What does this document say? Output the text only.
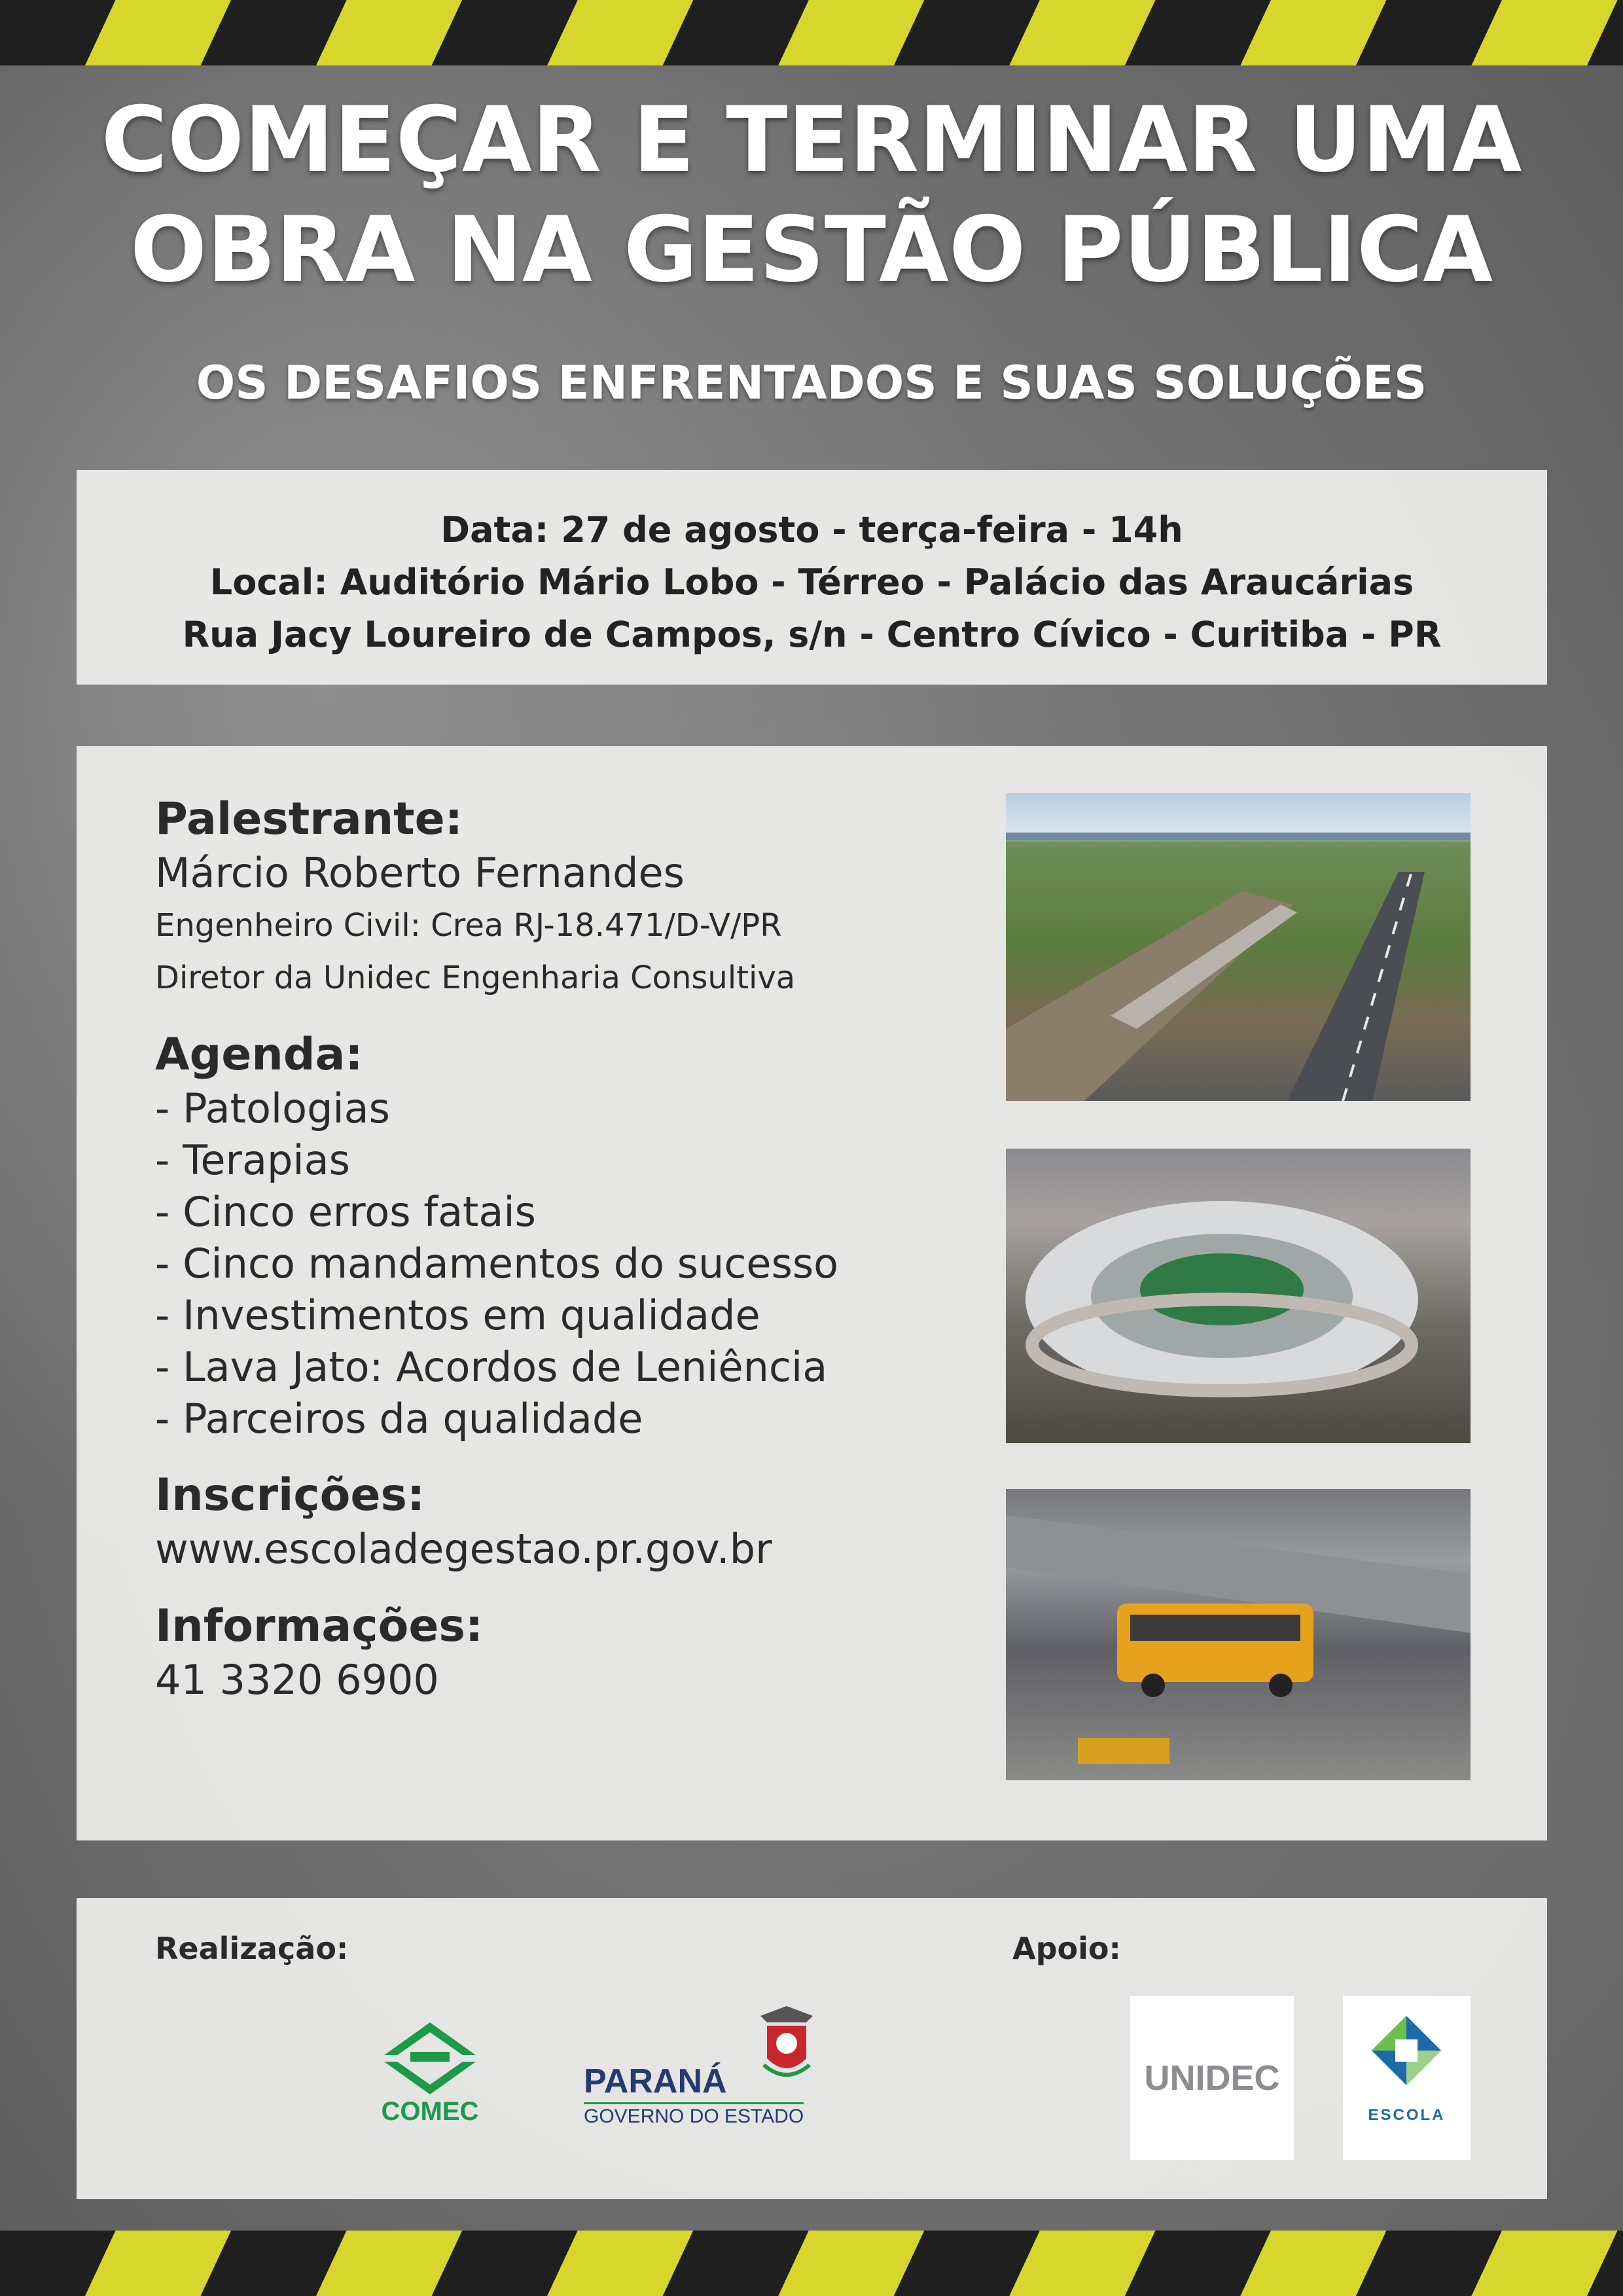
COMEÇAR E TERMINAR UMA
OBRA NA GESTÃO PÚBLICA
OS DESAFIOS ENFRENTADOS E SUAS SOLUÇÕES
Data: 27 de agosto - terça-feira - 14h
Local: Auditório Mário Lobo - Térreo - Palácio das Araucárias
Rua Jacy Loureiro de Campos, s/n - Centro Cívico - Curitiba - PR
Palestrante:
Márcio Roberto Fernandes
Engenheiro Civil: Crea RJ-18.471/D-V/PR
Diretor da Unidec Engenharia Consultiva
Agenda:
- Patologias
- Terapias
- Cinco erros fatais
- Cinco mandamentos do sucesso
- Investimentos em qualidade
- Lava Jato: Acordos de Leniência
- Parceiros da qualidade
Inscrições:
www.escoladegestao.pr.gov.br
Informações:
41 3320 6900
Realização:	Apoio:
COMEC
PARANÁ
GOVERNO DO ESTADO
UNIDEC
ESCOLA
